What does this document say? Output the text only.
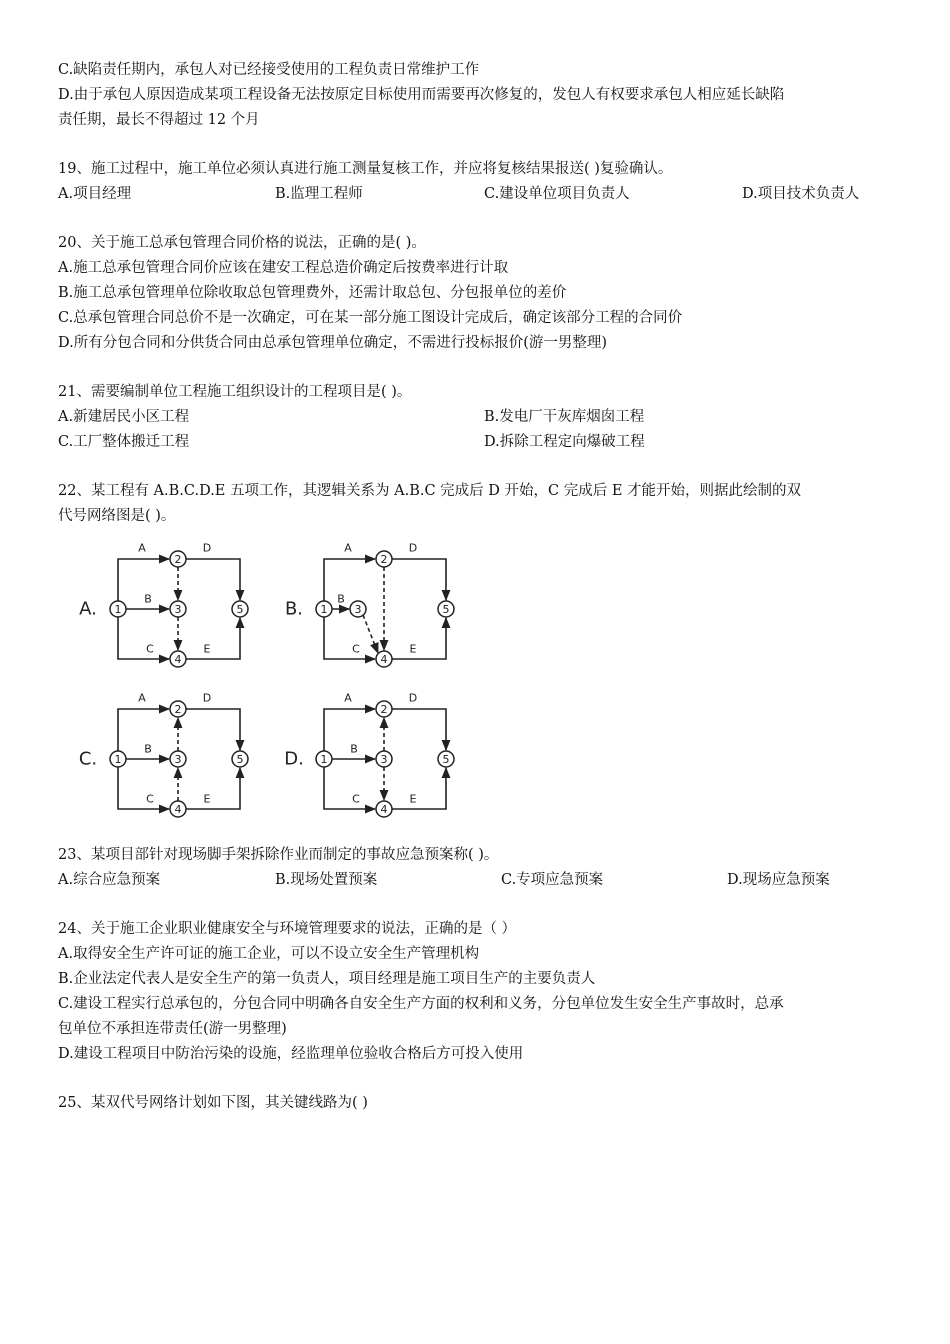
C.缺陷责任期内，承包人对已经接受使用的工程负责日常维护工作
D.由于承包人原因造成某项工程设备无法按原定目标使用而需要再次修复的，发包人有权要求承包人相应延长缺陷
责任期，最长不得超过 12 个月
19、施工过程中，施工单位必须认真进行施工测量复核工作，并应将复核结果报送( )复验确认。
A.项目经理	B.监理工程师	C.建设单位项目负责人	D.项目技术负责人
20、关于施工总承包管理合同价格的说法，正确的是( )。
A.施工总承包管理合同价应该在建安工程总造价确定后按费率进行计取
B.施工总承包管理单位除收取总包管理费外，还需计取总包、分包报单位的差价
C.总承包管理合同总价不是一次确定，可在某一部分施工图设计完成后，确定该部分工程的合同价
D.所有分包合同和分供货合同由总承包管理单位确定，不需进行投标报价(游一男整理)
21、需要编制单位工程施工组织设计的工程项目是( )。
A.新建居民小区工程	B.发电厂干灰库烟囱工程
C.工厂整体搬迁工程	D.拆除工程定向爆破工程
22、某工程有 A.B.C.D.E 五项工作，其逻辑关系为 A.B.C 完成后 D 开始，C 完成后 E 才能开始，则据此绘制的双
代号网络图是( )。
A.
A	D
B
C	E
1
2
3
4
5 B.
A	D
B
C	E
1
2
3
4
5
C.
A	D
B
C	E
1
2
3
4
5 D.
A	D
B
C	E
1
2
3
4
5
23、某项目部针对现场脚手架拆除作业而制定的事故应急预案称( )。
A.综合应急预案	B.现场处置预案	C.专项应急预案	D.现场应急预案
24、关于施工企业职业健康安全与环境管理要求的说法，正确的是（ ）
A.取得安全生产许可证的施工企业，可以不设立安全生产管理机构
B.企业法定代表人是安全生产的第一负责人，项目经理是施工项目生产的主要负责人
C.建设工程实行总承包的，分包合同中明确各自安全生产方面的权利和义务，分包单位发生安全生产事故时，总承
包单位不承担连带责任(游一男整理)
D.建设工程项目中防治污染的设施，经监理单位验收合格后方可投入使用
25、某双代号网络计划如下图，其关键线路为( )
